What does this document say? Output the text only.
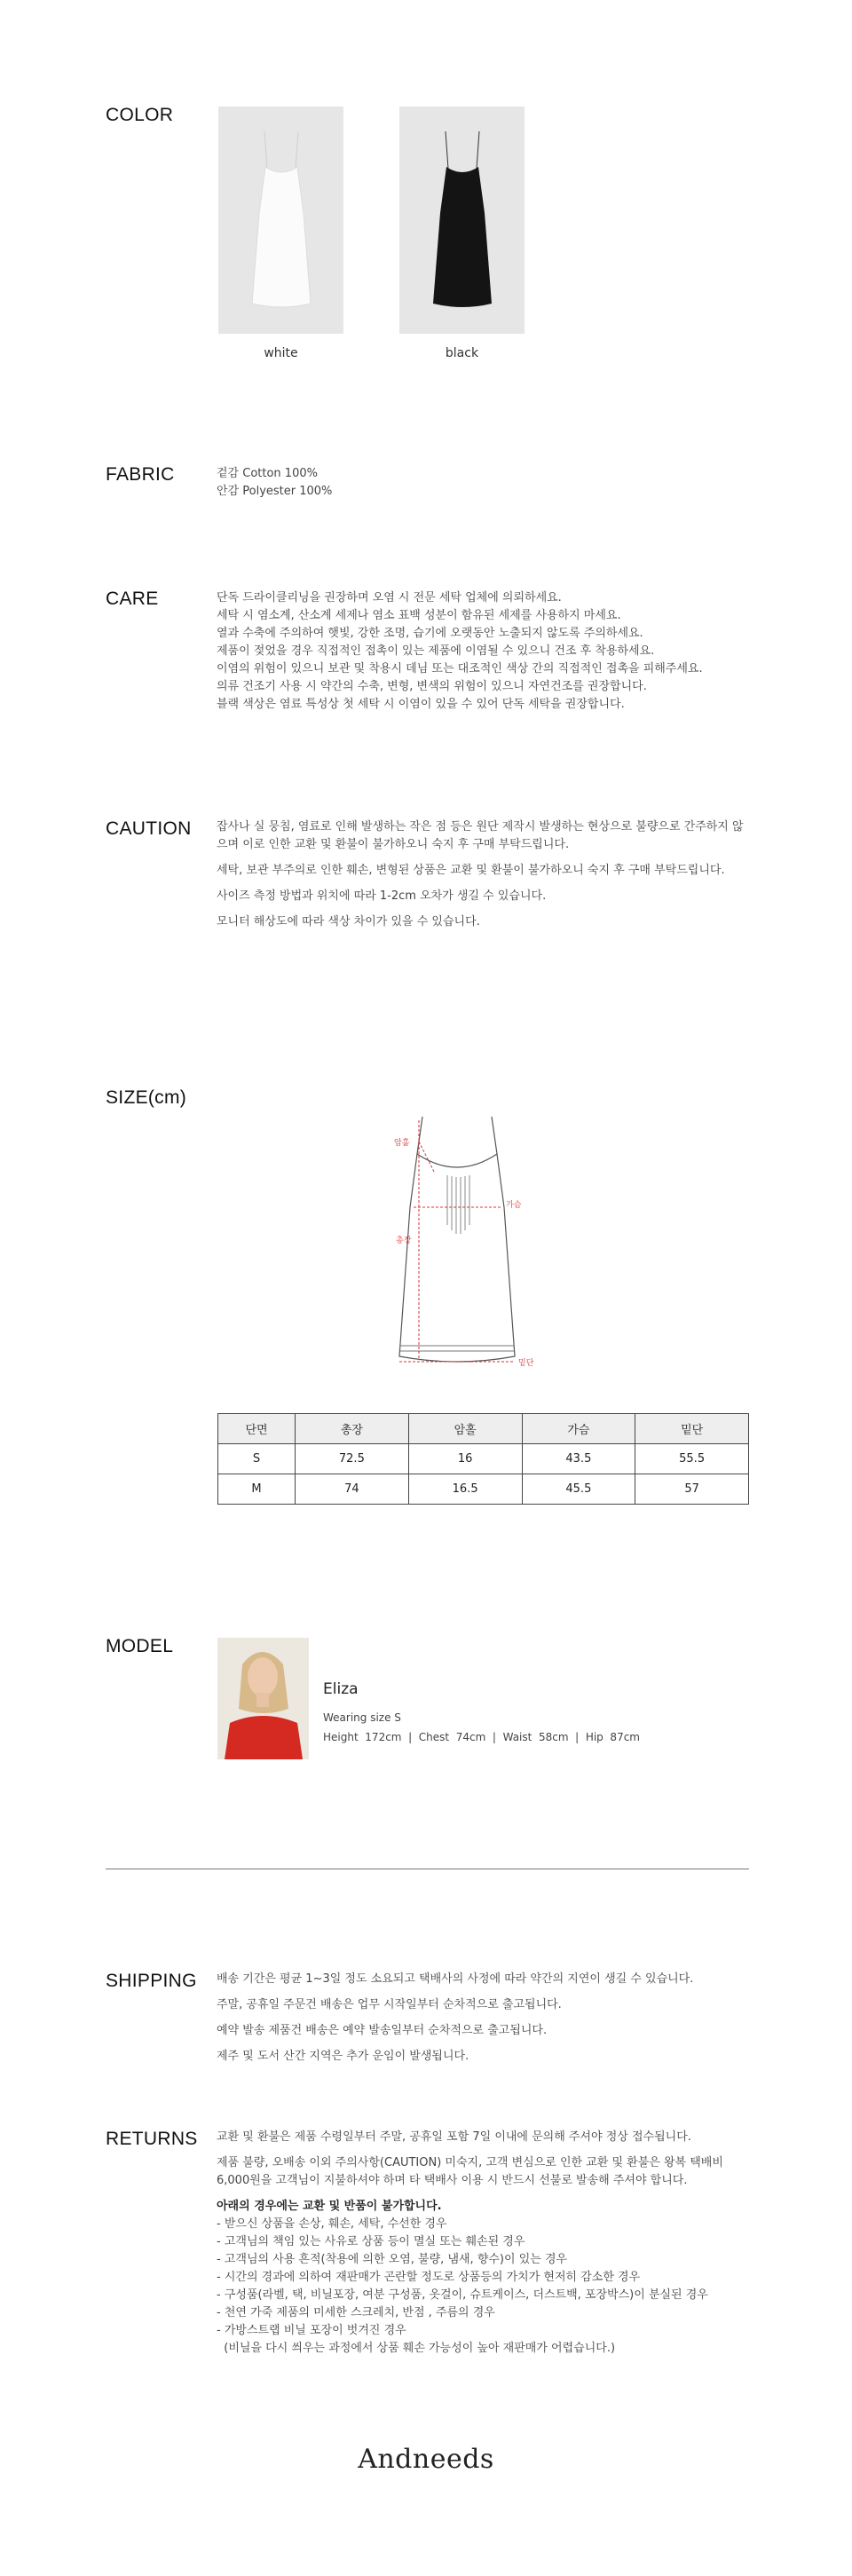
COLOR
white	black
FABRIC	겉감 Cotton 100%
안감 Polyester 100%
CARE	단독 드라이클리닝을 권장하며 오염 시 전문 세탁 업체에 의뢰하세요.
세탁 시 염소계, 산소계 세제나 염소 표백 성분이 함유된 세제를 사용하지 마세요.
열과 수축에 주의하여 햇빛, 강한 조명, 습기에 오랫동안 노출되지 않도록 주의하세요.
제품이 젖었을 경우 직접적인 접촉이 있는 제품에 이염될 수 있으니 건조 후 착용하세요.
이염의 위험이 있으니 보관 및 착용시 데님 또는 대조적인 색상 간의 직접적인 접촉을 피해주세요.
의류 건조기 사용 시 약간의 수축, 변형, 변색의 위험이 있으니 자연건조를 권장합니다.
블랙 색상은 염료 특성상 첫 세탁 시 이염이 있을 수 있어 단독 세탁을 권장합니다.
CAUTION 잡사나 실 뭉침, 염료로 인해 발생하는 작은 점 등은 원단 제작시 발생하는 현상으로 불량으로 간주하지 않으며 이로 인한 교환 및 환불이 불가하오니 숙지 후 구매 부탁드립니다.

세탁, 보관 부주의로 인한 훼손, 변형된 상품은 교환 및 환불이 불가하오니 숙지 후 구매 부탁드립니다.

사이즈 측정 방법과 위치에 따라 1-2cm 오차가 생길 수 있습니다.

모니터 해상도에 따라 색상 차이가 있을 수 있습니다.

SIZE(cm)
암홀
가슴
총장
밑단
단면	총장	암홀	가슴	밑단
S	72.5	16	43.5	55.5
M	74	16.5	45.5	57
MODEL
Eliza
Wearing size S
Height  172cm  |  Chest  74cm  |  Waist  58cm  |  Hip  87cm
SHIPPING 배송 기간은 평균 1~3일 정도 소요되고 택배사의 사정에 따라 약간의 지연이 생길 수 있습니다.

주말, 공휴일 주문건 배송은 업무 시작일부터 순차적으로 출고됩니다.

예약 발송 제품건 배송은 예약 발송일부터 순차적으로 출고됩니다.

제주 및 도서 산간 지역은 추가 운임이 발생됩니다.

RETURNS 교환 및 환불은 제품 수령일부터 주말, 공휴일 포함 7일 이내에 문의해 주셔야 정상 접수됩니다.

제품 불량, 오배송 이외 주의사항(CAUTION) 미숙지, 고객 변심으로 인한 교환 및 환불은 왕복 택배비 6,000원을 고객님이 지불하셔야 하며 타 택배사 이용 시 반드시 선불로 발송해 주셔야 합니다.

아래의 경우에는 교환 및 반품이 불가합니다.
- 받으신 상품을 손상, 훼손, 세탁, 수선한 경우
- 고객님의 책임 있는 사유로 상품 등이 멸실 또는 훼손된 경우
- 고객님의 사용 흔적(착용에 의한 오염, 불량, 냄새, 향수)이 있는 경우
- 시간의 경과에 의하여 재판매가 곤란할 정도로 상품등의 가치가 현저히 감소한 경우
- 구성품(라벨, 택, 비닐포장, 여분 구성품, 옷걸이, 슈트케이스, 더스트백, 포장박스)이 분실된 경우
- 천연 가죽 제품의 미세한 스크레치, 반점 , 주름의 경우
- 가방스트랩 비닐 포장이 벗겨진 경우
(비닐을 다시 씌우는 과정에서 상품 훼손 가능성이 높아 재판매가 어렵습니다.)
Andneeds
